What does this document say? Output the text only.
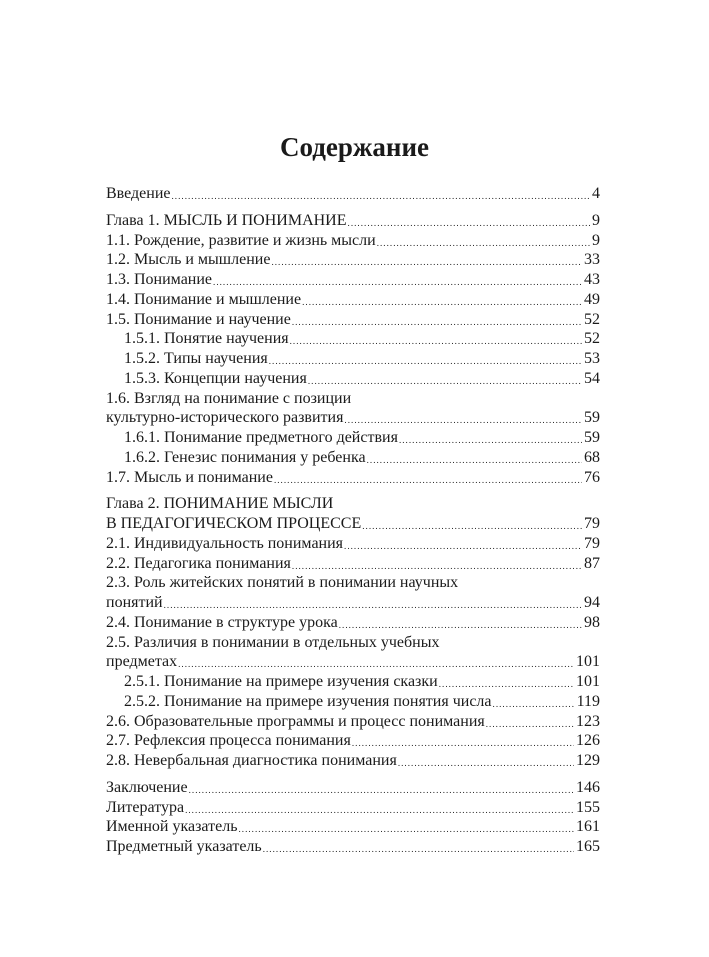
Содержание
Введение . . .	4
Глава 1. МЫСЛЬ И ПОНИМАНИЕ . . .	9
1.1. Рождение, развитие и жизнь мысли . . .	9
1.2. Мысль и мышление . . .	33
1.3. Понимание . . .	43
1.4. Понимание и мышление . . .	49
1.5. Понимание и научение . . .	52
1.5.1. Понятие научения . . .	52
1.5.2. Типы научения . . .	53
1.5.3. Концепции научения . . .	54
1.6. Взгляд на понимание с позиции
культурно-исторического развития . . .	59
1.6.1. Понимание предметного действия . . .	59
1.6.2. Генезис понимания у ребенка . . .	68
1.7. Мысль и понимание . . .	76
Глава 2. ПОНИМАНИЕ МЫСЛИ
В ПЕДАГОГИЧЕСКОМ ПРОЦЕССЕ . . .	79
2.1. Индивидуальность понимания . . .	79
2.2. Педагогика понимания . . .	87
2.3. Роль житейских понятий в понимании научных
понятий . . .	94
2.4. Понимание в структуре урока . . .	98
2.5. Различия в понимании в отдельных учебных
предметах . . .	101
2.5.1. Понимание на примере изучения сказки . . .	101
2.5.2. Понимание на примере изучения понятия числа . . .	119
2.6. Образовательные программы и процесс понимания . . .	123
2.7. Рефлексия процесса понимания . . .	126
2.8. Невербальная диагностика понимания . . .	129
Заключение . . .	146
Литература . . .	155
Именной указатель . . .	161
Предметный указатель . . .	165
